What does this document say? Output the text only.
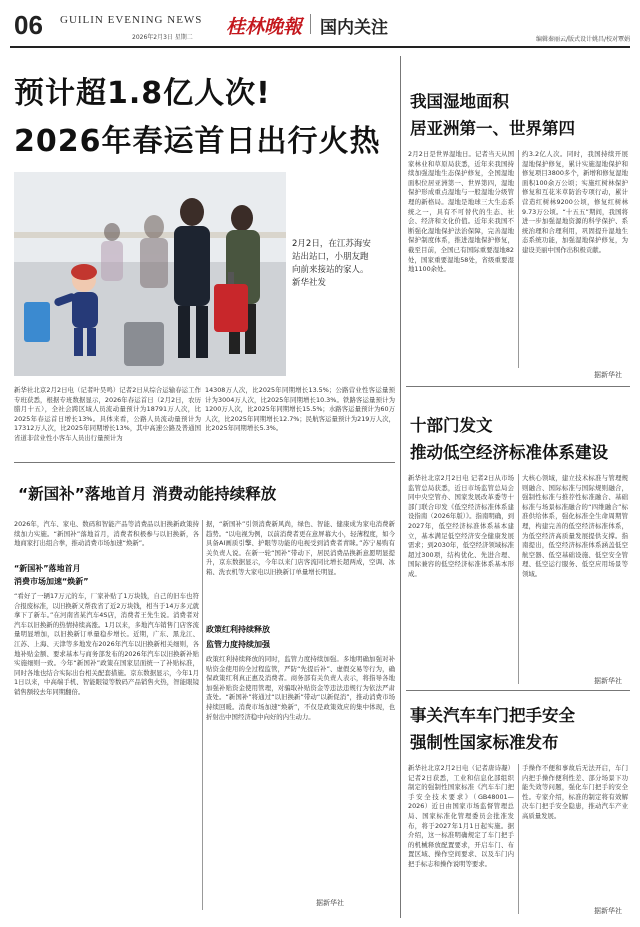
06 GUILIN EVENING NEWS
2026年2月3日 星期二 桂林晚報 国内关注
编辑秦丽云/版式设计姚昌/校对覃娟
预计超1.8亿人次!
2026年春运首日出行火热
2月2日，在江苏海安站出站口，小朋友跑向前来接站的家人。 新华社发
新华社北京2月2日电（记者叶昊鸣）记者2日从综合运输春运工作专班获悉，根据专班数据显示，2026年春运首日（2月2日，农历腊月十五），全社会跨区域人员流动量预计为18791万人次，比2025年春运首日增长13%。具体来看，公路人员流动量预计为17312万人次，比2025年同期增长13%，其中高速公路及普通国省道非营业性小客车人员出行量预计为
14308万人次，比2025年同期增长13.5%；公路营业性客运量预计为3004万人次，比2025年同期增长10.3%。铁路客运量预计为1200万人次，比2025年同期增长15.5%；水路客运量预计为60万人次，比2025年同期增长12.7%；民航客运量预计为219万人次，比2025年同期增长5.3%。
“新国补”落地首月 消费动能持续释放
2026年，汽车、家电、数码和智能产品等消费品以旧换新政策持续加力实施。“新国补”落地首月，消费者积极参与以旧换新，各地商家打出组合拳，推动消费市场加速“焕新”。
“新国补”落地首月
消费市场加速“焕新”
“看好了一辆17万元的车，厂家补贴了1万块钱，自己的旧车也符合报废标准，以旧换新又帮我省了近2万块钱，相当于14万多元就拿下了新车。”在河南省某汽车4S店，消费者王先生说。消费者对汽车以旧换新的热情持续高涨。1月以来，多地汽车销售门店客流量明显增加，以旧换新订单量稳步增长。近期，广东、黑龙江、江苏、上海、天津等多地发布2026年汽车以旧换新相关细则，各地补贴金额、要求基本与商务部发布的2026年汽车以旧换新补贴实施细则一致。今年“新国补”政策在国家层面统一了补贴标准，同时各地也结合实际出台相关配套措施。京东数据显示，今年1月1日以来，中高端手机、智能眼镜等数码产品销售火热，智能眼镜销售额较去年同期翻倍。
据，“新国补”引领消费新风尚，绿色、智能、健康成为家电消费新趋势。“以电视为例，以前消费者更在意屏幕大小，轻薄程度，如今具备AI画质引擎、护眼等功能的电视受到消费者青睐。”苏宁易购有关负责人说。在新一轮“国补”带动下，居民消费品换新意愿明显提升，京东数据显示，今年以来门店客流同比增长超两成，空调、冰箱、洗衣机等大家电以旧换新订单量增长明显。
政策红利持续释放
监管力度持续加强
政策红利持续释放的同时，监管力度持续加强。多地明确加强对补贴资金使用的全过程监管，严防“先提后补”、虚假交易等行为，确保政策红利真正惠及消费者。商务部有关负责人表示，将指导各地加强补贴资金使用管理，对骗取补贴资金等违法违规行为依法严肃查处。“新国补”将通过“以旧换新”带动“以新促消”，推动消费市场持续回暖。消费市场加速“焕新”，不仅是政策效应的集中体现，也折射出中国经济稳中向好的内生动力。
据新华社
我国湿地面积
居亚洲第一、世界第四
2月2日是世界湿地日。记者当天从国家林业和草原局获悉，近年来我国持续加强湿地生态保护修复，全国湿地面积位居亚洲第一、世界第四，湿地保护形成重点湿地与一般湿地分级管理的新格局。湿地是地球三大生态系统之一，具有不可替代的生态、社会、经济和文化价值。近年来我国不断强化湿地保护法治保障，完善湿地保护制度体系，推进湿地保护修复，截至目前，全国已有国际重要湿地82处，国家重要湿地58处，省级重要湿地1100余处。
约3.2亿人次。同时，我国持续开展湿地保护修复，累计实施湿地保护和修复项目3800多个，新增和修复湿地面积100余万公顷；实施红树林保护修复和互花米草防治专项行动，累计营造红树林9200公顷，修复红树林9.73万公顷。“十五五”期间，我国将进一步加强湿地资源的科学保护、系统治理和合理利用，巩固提升湿地生态系统功能，加强湿地保护修复，为建设美丽中国作出积极贡献。
据新华社
十部门发文
推动低空经济标准体系建设
新华社北京2月2日电 记者2日从市场监管总局获悉，近日市场监管总局会同中央空管办、国家发展改革委等十部门联合印发《低空经济标准体系建设指南（2026年版）》。指南明确，到2027年，低空经济标准体系基本建立，基本满足低空经济安全健康发展需求；到2030年，低空经济领域标准超过300项，结构优化、先进合理、国际兼容的低空经济标准体系基本形成。
大核心领域，建立技术标准与管理规则融合、国际标准与国际规则融合，强制性标准与推荐性标准融合、基础标准与场景标准融合的“四维融合”标准供给体系，强化标准全生命周期管理，构建完善的低空经济标准体系，为低空经济高质量发展提供支撑。指南提出，低空经济标准体系涵盖低空航空器、低空基础设施、低空安全管理、低空运行服务、低空应用场景等领域。
据新华社
事关汽车车门把手安全
强制性国家标准发布
新华社北京2月2日电（记者唐诗凝）记者2日获悉，工业和信息化部组织制定的强制性国家标准《汽车车门把手安全技术要求》（GB48001—2026）近日由国家市场监督管理总局、国家标准化管理委员会批准发布，将于2027年1月1日起实施。据介绍，这一标准明确规定了车门把手的机械释放配置要求，开启车门、布置区域、操作空间要求、以及车门内把手标志和操作说明等要求。
手操作不便和事故后无法开启，车门内把手操作便利性差、部分场景下功能失效等问题，强化车门把手的安全性。专家介绍，标准的制定将有效解决车门把手安全隐患，推动汽车产业高质量发展。
据新华社
